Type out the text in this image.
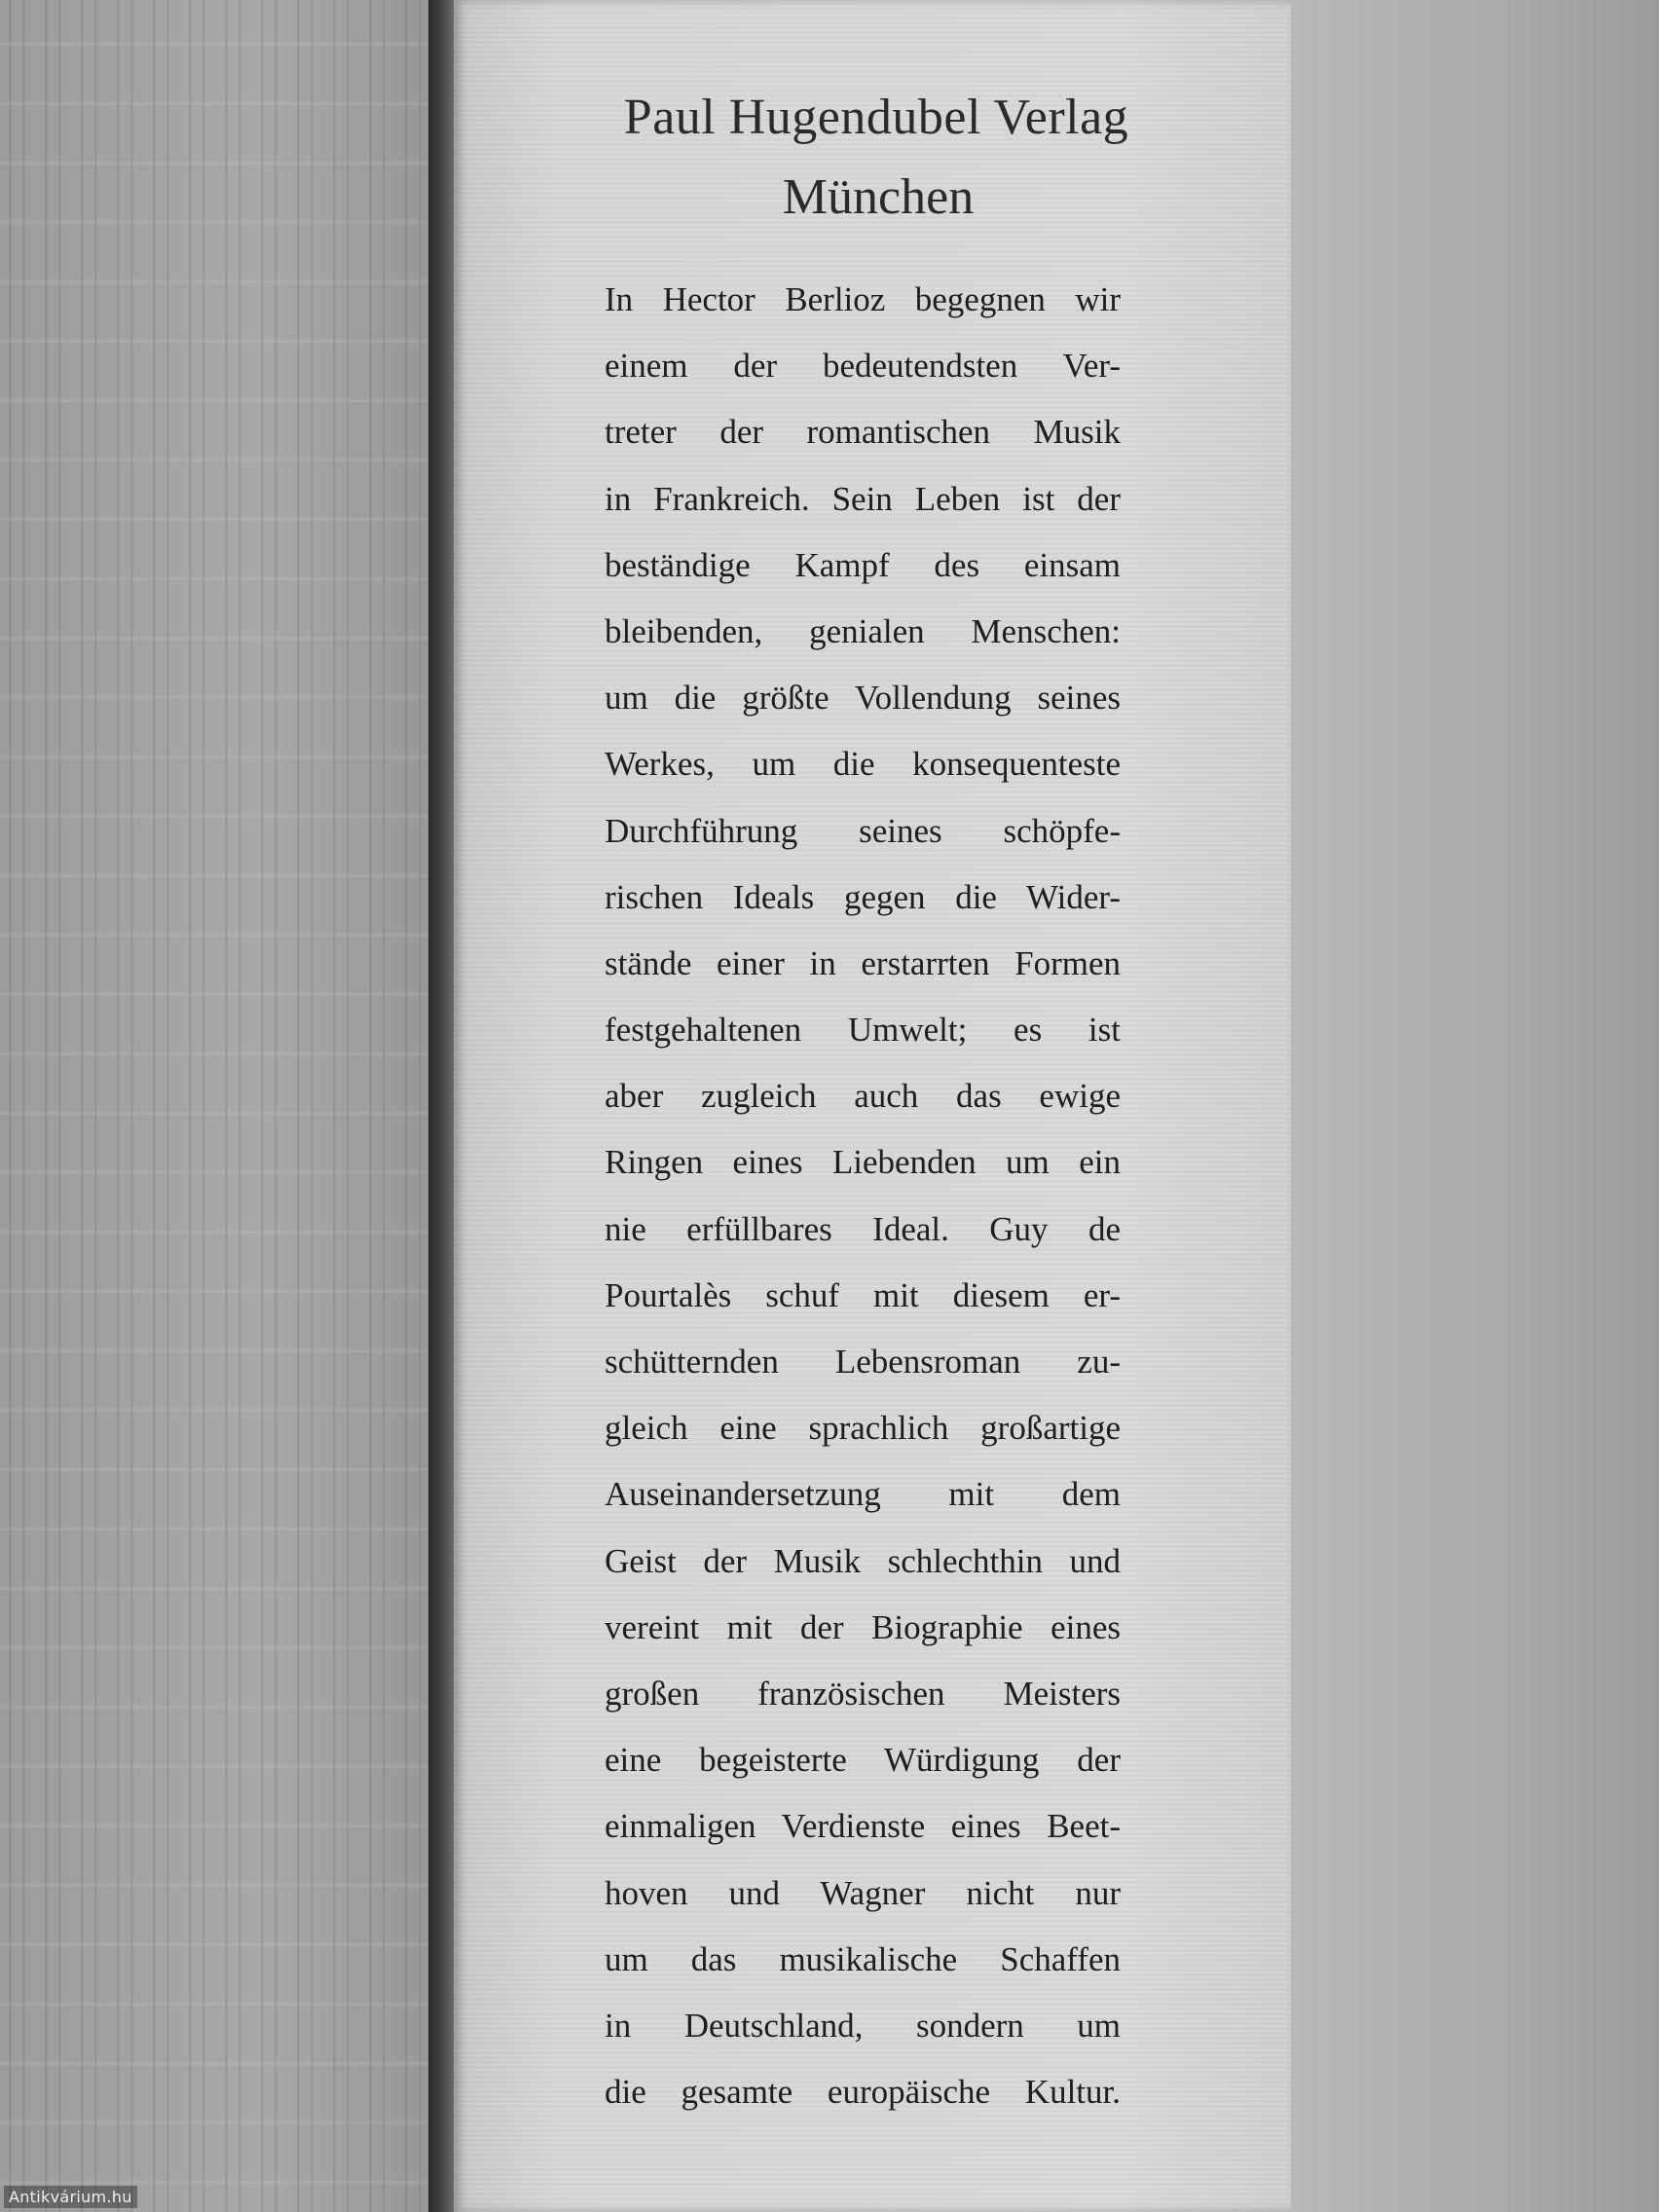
Paul Hugendubel Verlag
München
In Hector Berlioz begegnen wir
einem der bedeutendsten Ver-
treter der romantischen Musik
in Frankreich. Sein Leben ist der
beständige Kampf des einsam
bleibenden, genialen Menschen:
um die größte Vollendung seines
Werkes, um die konsequenteste
Durchführung seines schöpfe-
rischen Ideals gegen die Wider-
stände einer in erstarrten Formen
festgehaltenen Umwelt; es ist
aber zugleich auch das ewige
Ringen eines Liebenden um ein
nie erfüllbares Ideal. Guy de
Pourtalès schuf mit diesem er-
schütternden Lebensroman zu-
gleich eine sprachlich großartige
Auseinandersetzung mit dem
Geist der Musik schlechthin und
vereint mit der Biographie eines
großen französischen Meisters
eine begeisterte Würdigung der
einmaligen Verdienste eines Beet-
hoven und Wagner nicht nur
um das musikalische Schaffen
in Deutschland, sondern um
die gesamte europäische Kultur.
Antikvárium.hu
